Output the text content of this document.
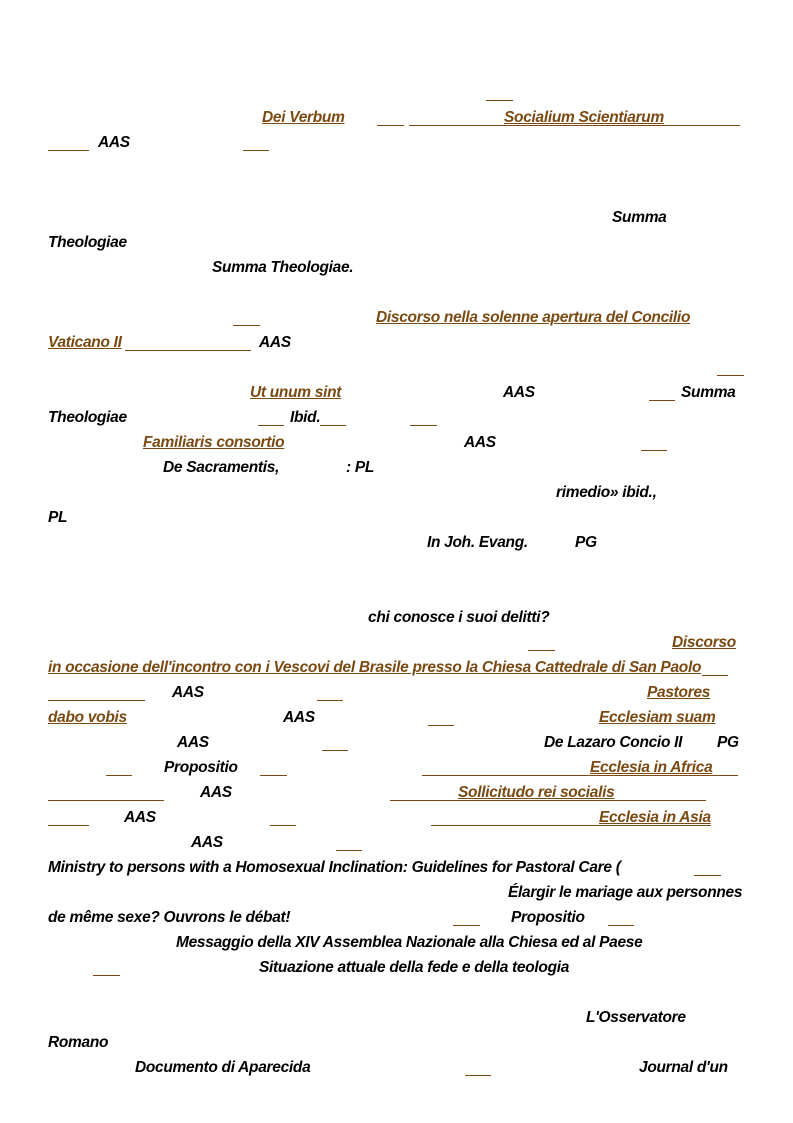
Dei Verbum	Socialium Scientiarum
AAS
Summa
Theologiae
Summa Theologiae.
Discorso nella solenne apertura del Concilio
Vaticano II	AAS
Ut unum sint	AAS	Summa
Theologiae	Ibid.
Familiaris consortio	AAS
De Sacramentis,	: PL
rimedio» ibid.,
PL
In Joh. Evang.	PG
chi conosce i suoi delitti?
Discorso
in occasione dell'incontro con i Vescovi del Brasile presso la Chiesa Cattedrale di San Paolo
AAS	Pastores
dabo vobis	AAS	Ecclesiam suam
AAS	De Lazaro Concio II PG
Propositio	Ecclesia in Africa
AAS	Sollicitudo rei socialis
AAS	Ecclesia in Asia
AAS
Ministry to persons with a Homosexual Inclination: Guidelines for Pastoral Care (
Élargir le mariage aux personnes
de même sexe? Ouvrons le débat!	Propositio
Messaggio della XIV Assemblea Nazionale alla Chiesa ed al Paese
Situazione attuale della fede e della teologia
L'Osservatore
Romano
Documento di Aparecida	Journal d'un
